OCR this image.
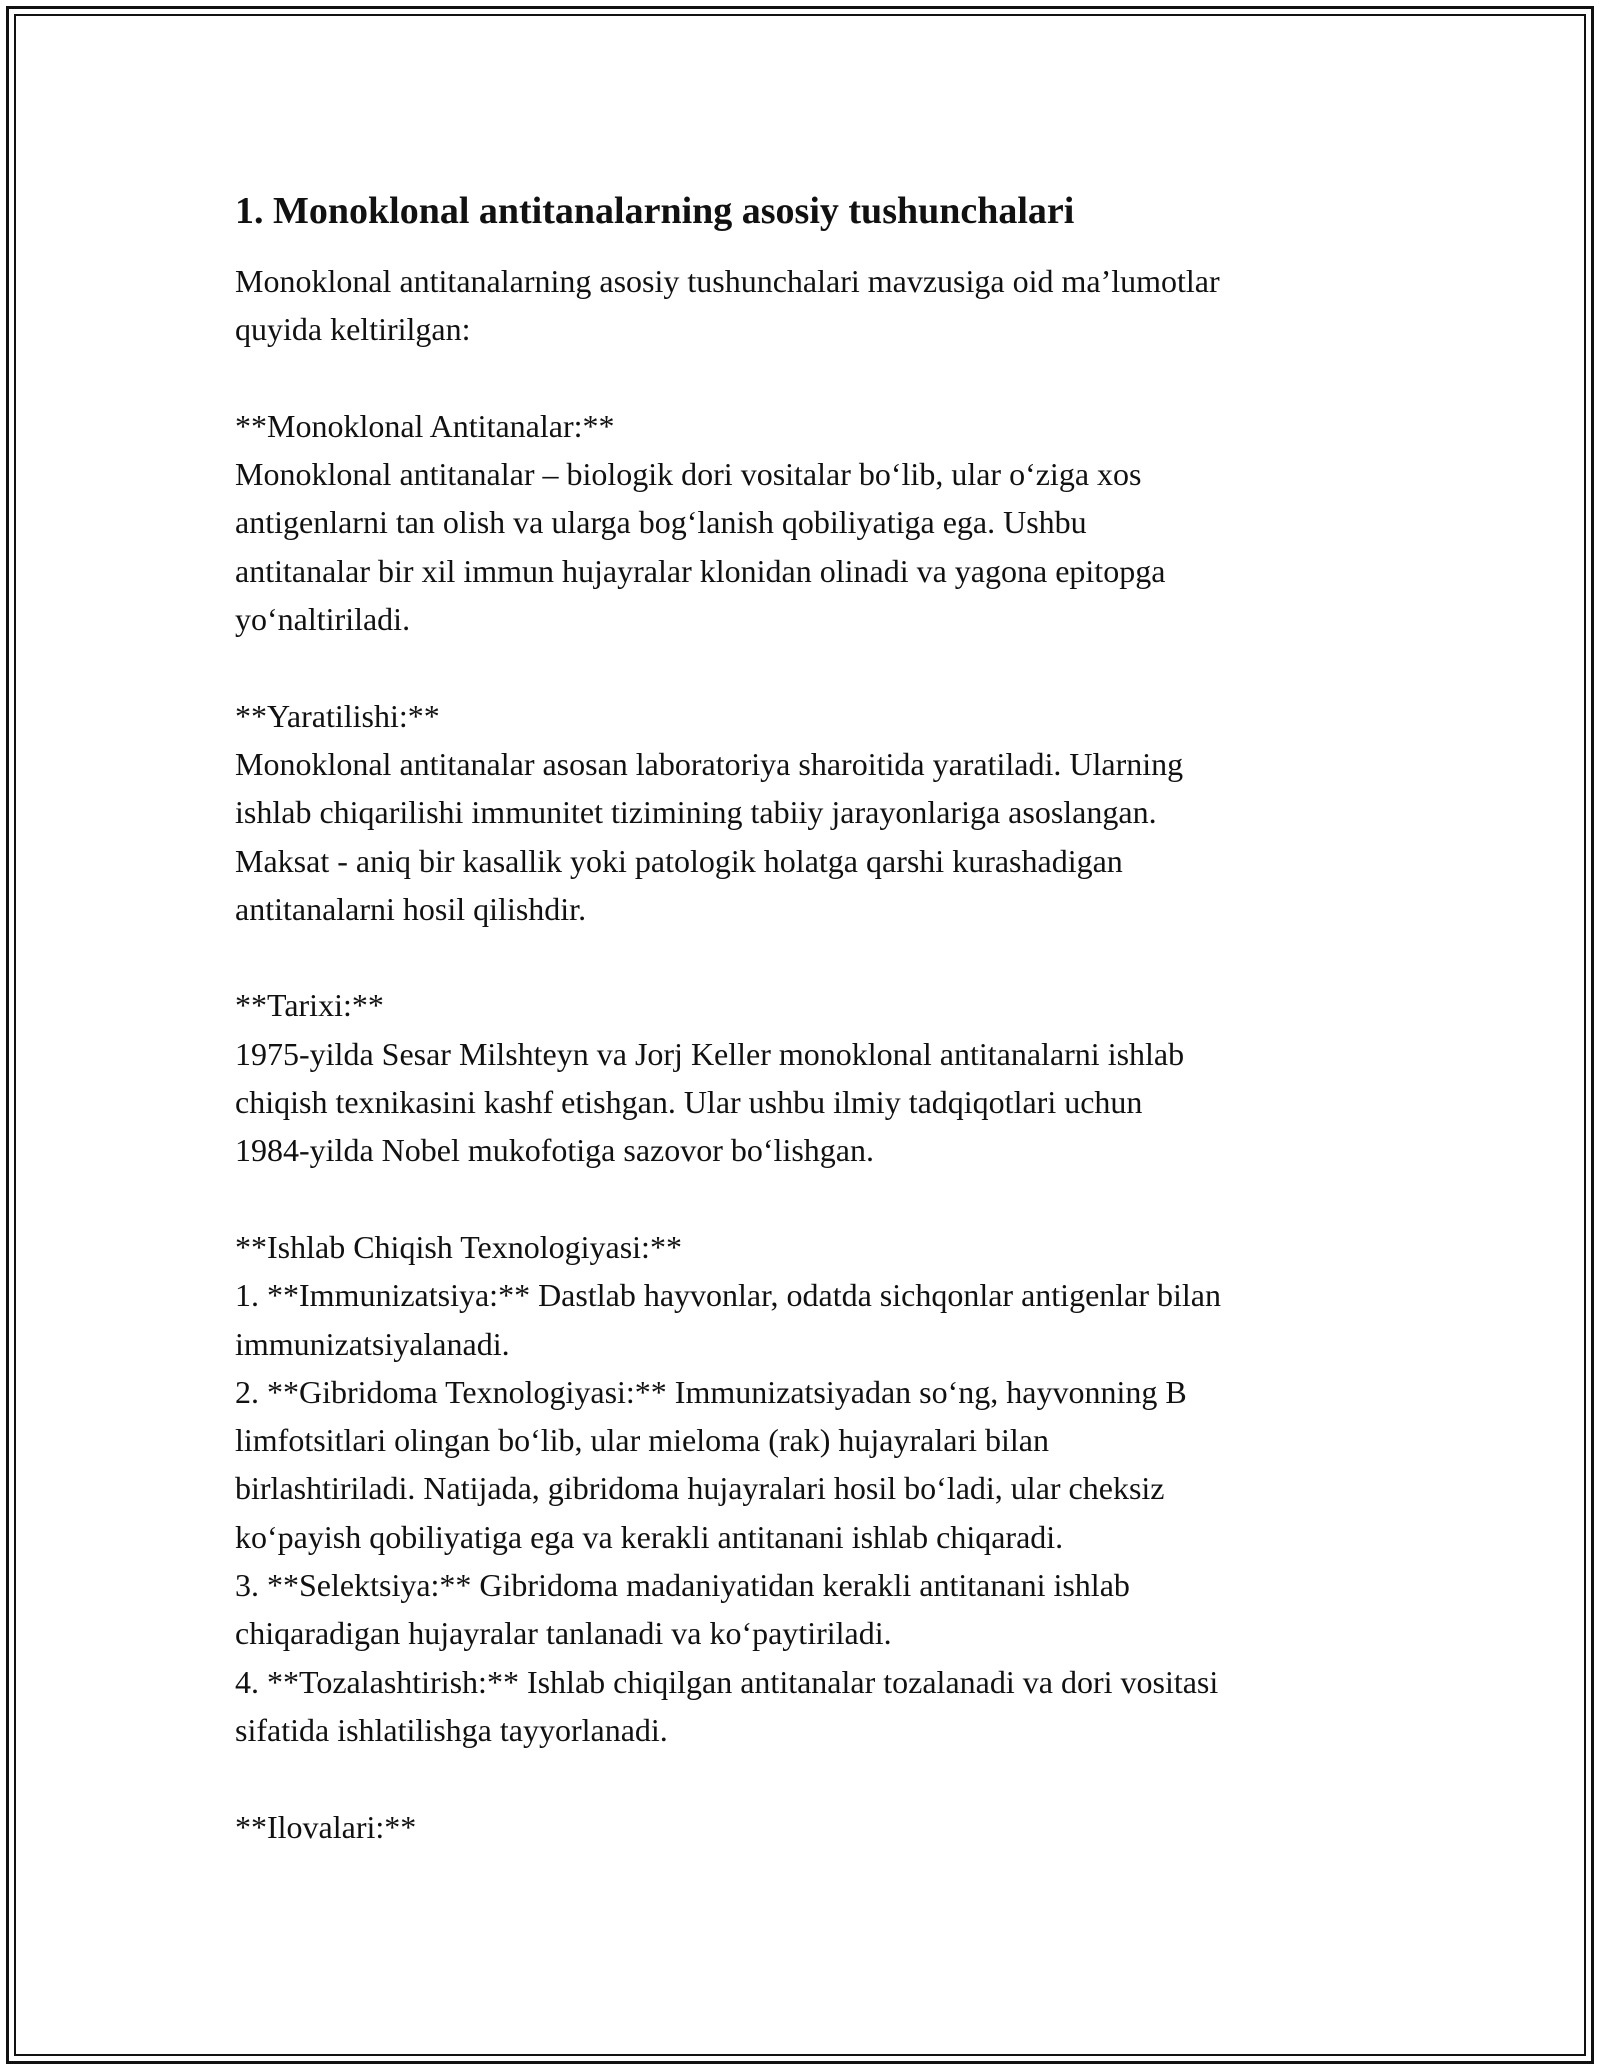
1. Monoklonal antitanalarning asosiy tushunchalari
Monoklonal antitanalarning asosiy tushunchalari mavzusiga oid ma’lumotlar
quyida keltirilgan:
**Monoklonal Antitanalar:**
Monoklonal antitanalar – biologik dori vositalar bo‘lib, ular o‘ziga xos
antigenlarni tan olish va ularga bog‘lanish qobiliyatiga ega. Ushbu
antitanalar bir xil immun hujayralar klonidan olinadi va yagona epitopga
yo‘naltiriladi.
**Yaratilishi:**
Monoklonal antitanalar asosan laboratoriya sharoitida yaratiladi. Ularning
ishlab chiqarilishi immunitet tizimining tabiiy jarayonlariga asoslangan.
Maksat - aniq bir kasallik yoki patologik holatga qarshi kurashadigan
antitanalarni hosil qilishdir.
**Tarixi:**
1975-yilda Sesar Milshteyn va Jorj Keller monoklonal antitanalarni ishlab
chiqish texnikasini kashf etishgan. Ular ushbu ilmiy tadqiqotlari uchun
1984-yilda Nobel mukofotiga sazovor bo‘lishgan.
**Ishlab Chiqish Texnologiyasi:**
1. **Immunizatsiya:** Dastlab hayvonlar, odatda sichqonlar antigenlar bilan
immunizatsiyalanadi.
2. **Gibridoma Texnologiyasi:** Immunizatsiyadan so‘ng, hayvonning B
limfotsitlari olingan bo‘lib, ular mieloma (rak) hujayralari bilan
birlashtiriladi. Natijada, gibridoma hujayralari hosil bo‘ladi, ular cheksiz
ko‘payish qobiliyatiga ega va kerakli antitanani ishlab chiqaradi.
3. **Selektsiya:** Gibridoma madaniyatidan kerakli antitanani ishlab
chiqaradigan hujayralar tanlanadi va ko‘paytiriladi.
4. **Tozalashtirish:** Ishlab chiqilgan antitanalar tozalanadi va dori vositasi
sifatida ishlatilishga tayyorlanadi.
**Ilovalari:**
